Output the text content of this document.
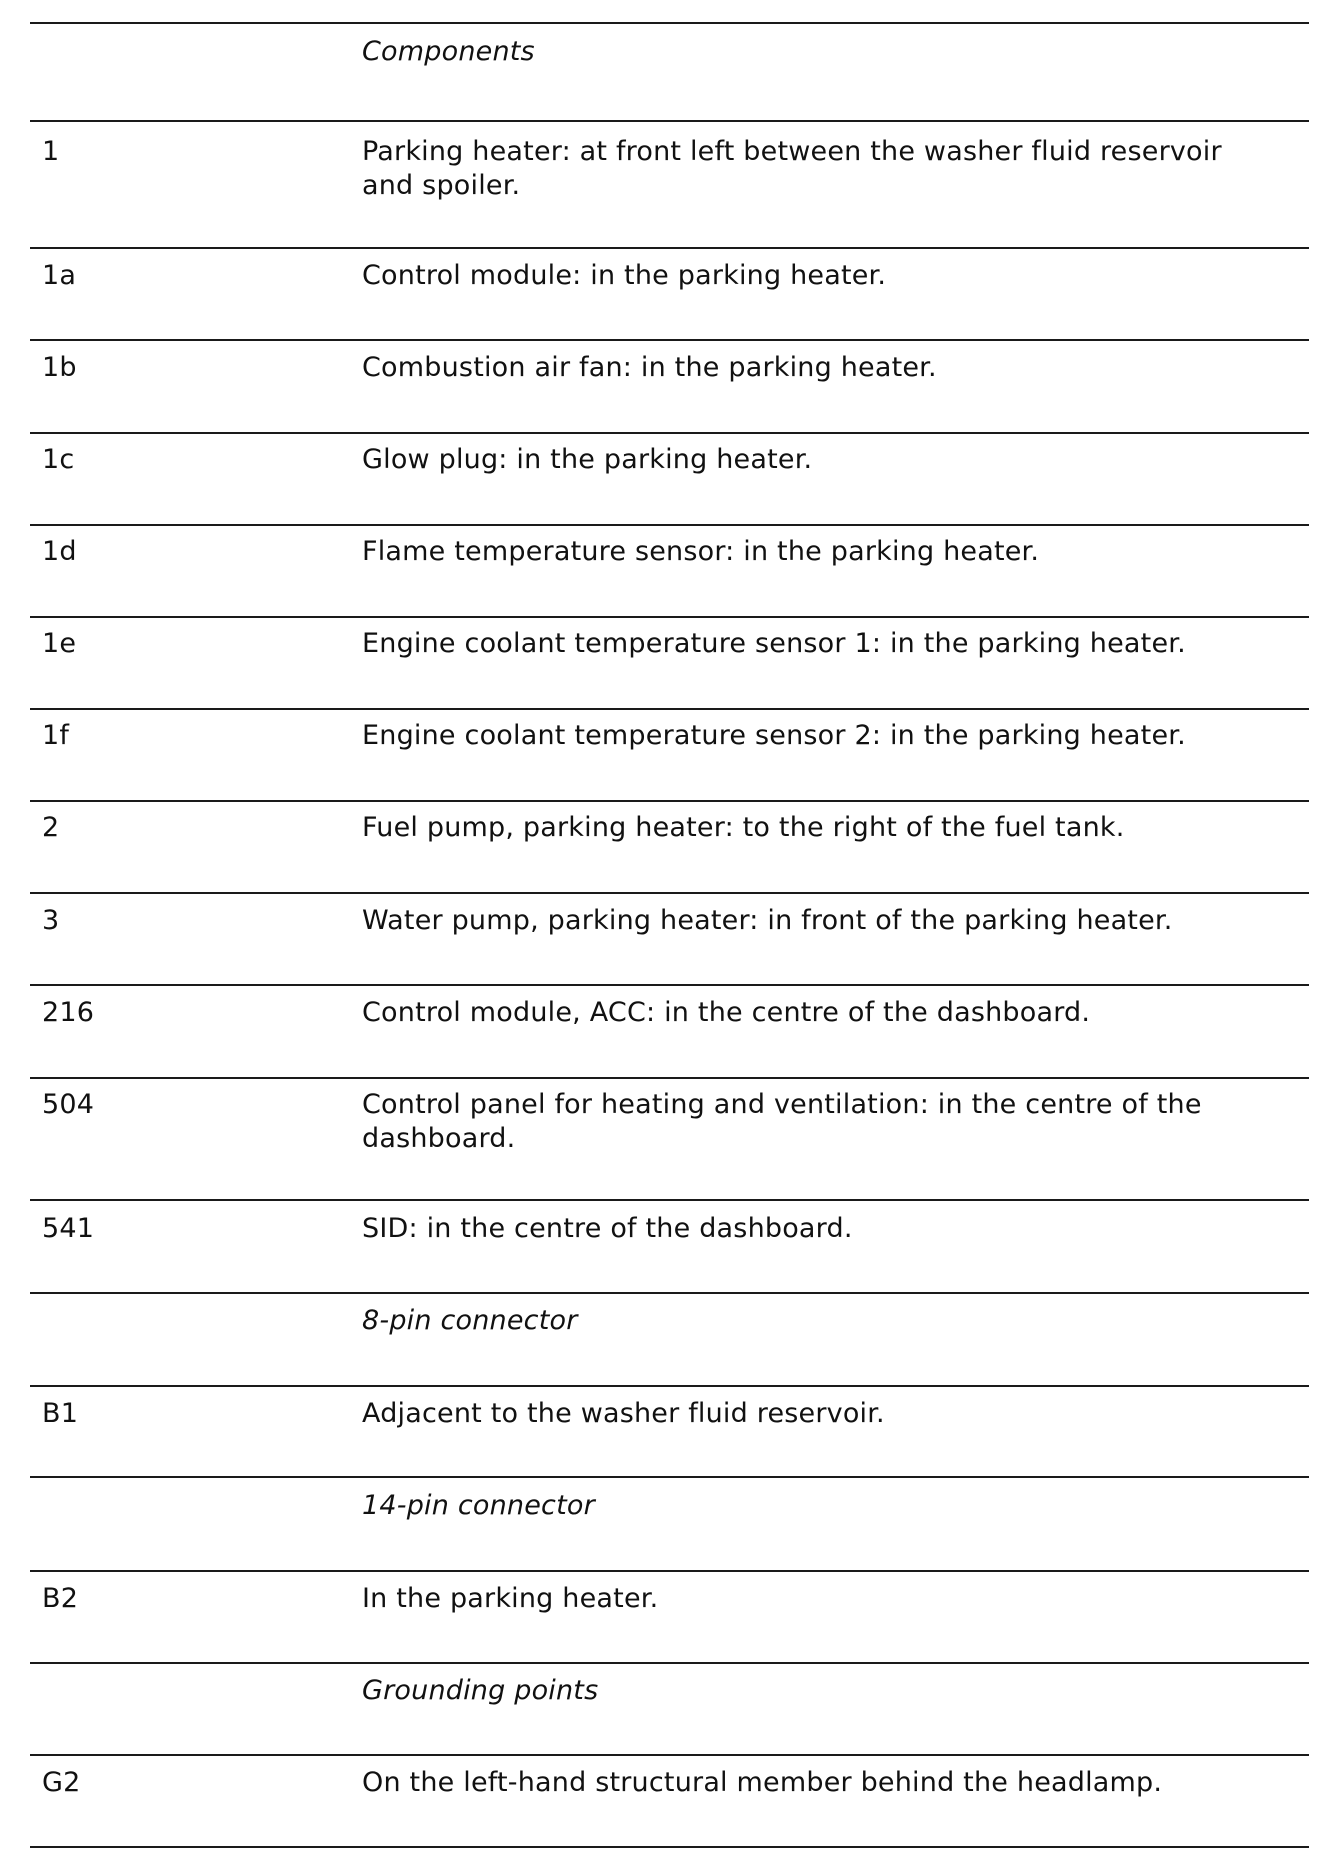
Components
1	Parking heater: at front left between the washer fluid reservoir and spoiler.
1a	Control module: in the parking heater.
1b	Combustion air fan: in the parking heater.
1c	Glow plug: in the parking heater.
1d	Flame temperature sensor: in the parking heater.
1e	Engine coolant temperature sensor 1: in the parking heater.
1f	Engine coolant temperature sensor 2: in the parking heater.
2	Fuel pump, parking heater: to the right of the fuel tank.
3	Water pump, parking heater: in front of the parking heater.
216	Control module, ACC: in the centre of the dashboard.
504	Control panel for heating and ventilation: in the centre of the dashboard.
541	SID: in the centre of the dashboard.
8-pin connector
B1	Adjacent to the washer fluid reservoir.
14-pin connector
B2	In the parking heater.
Grounding points
G2	On the left-hand structural member behind the headlamp.
